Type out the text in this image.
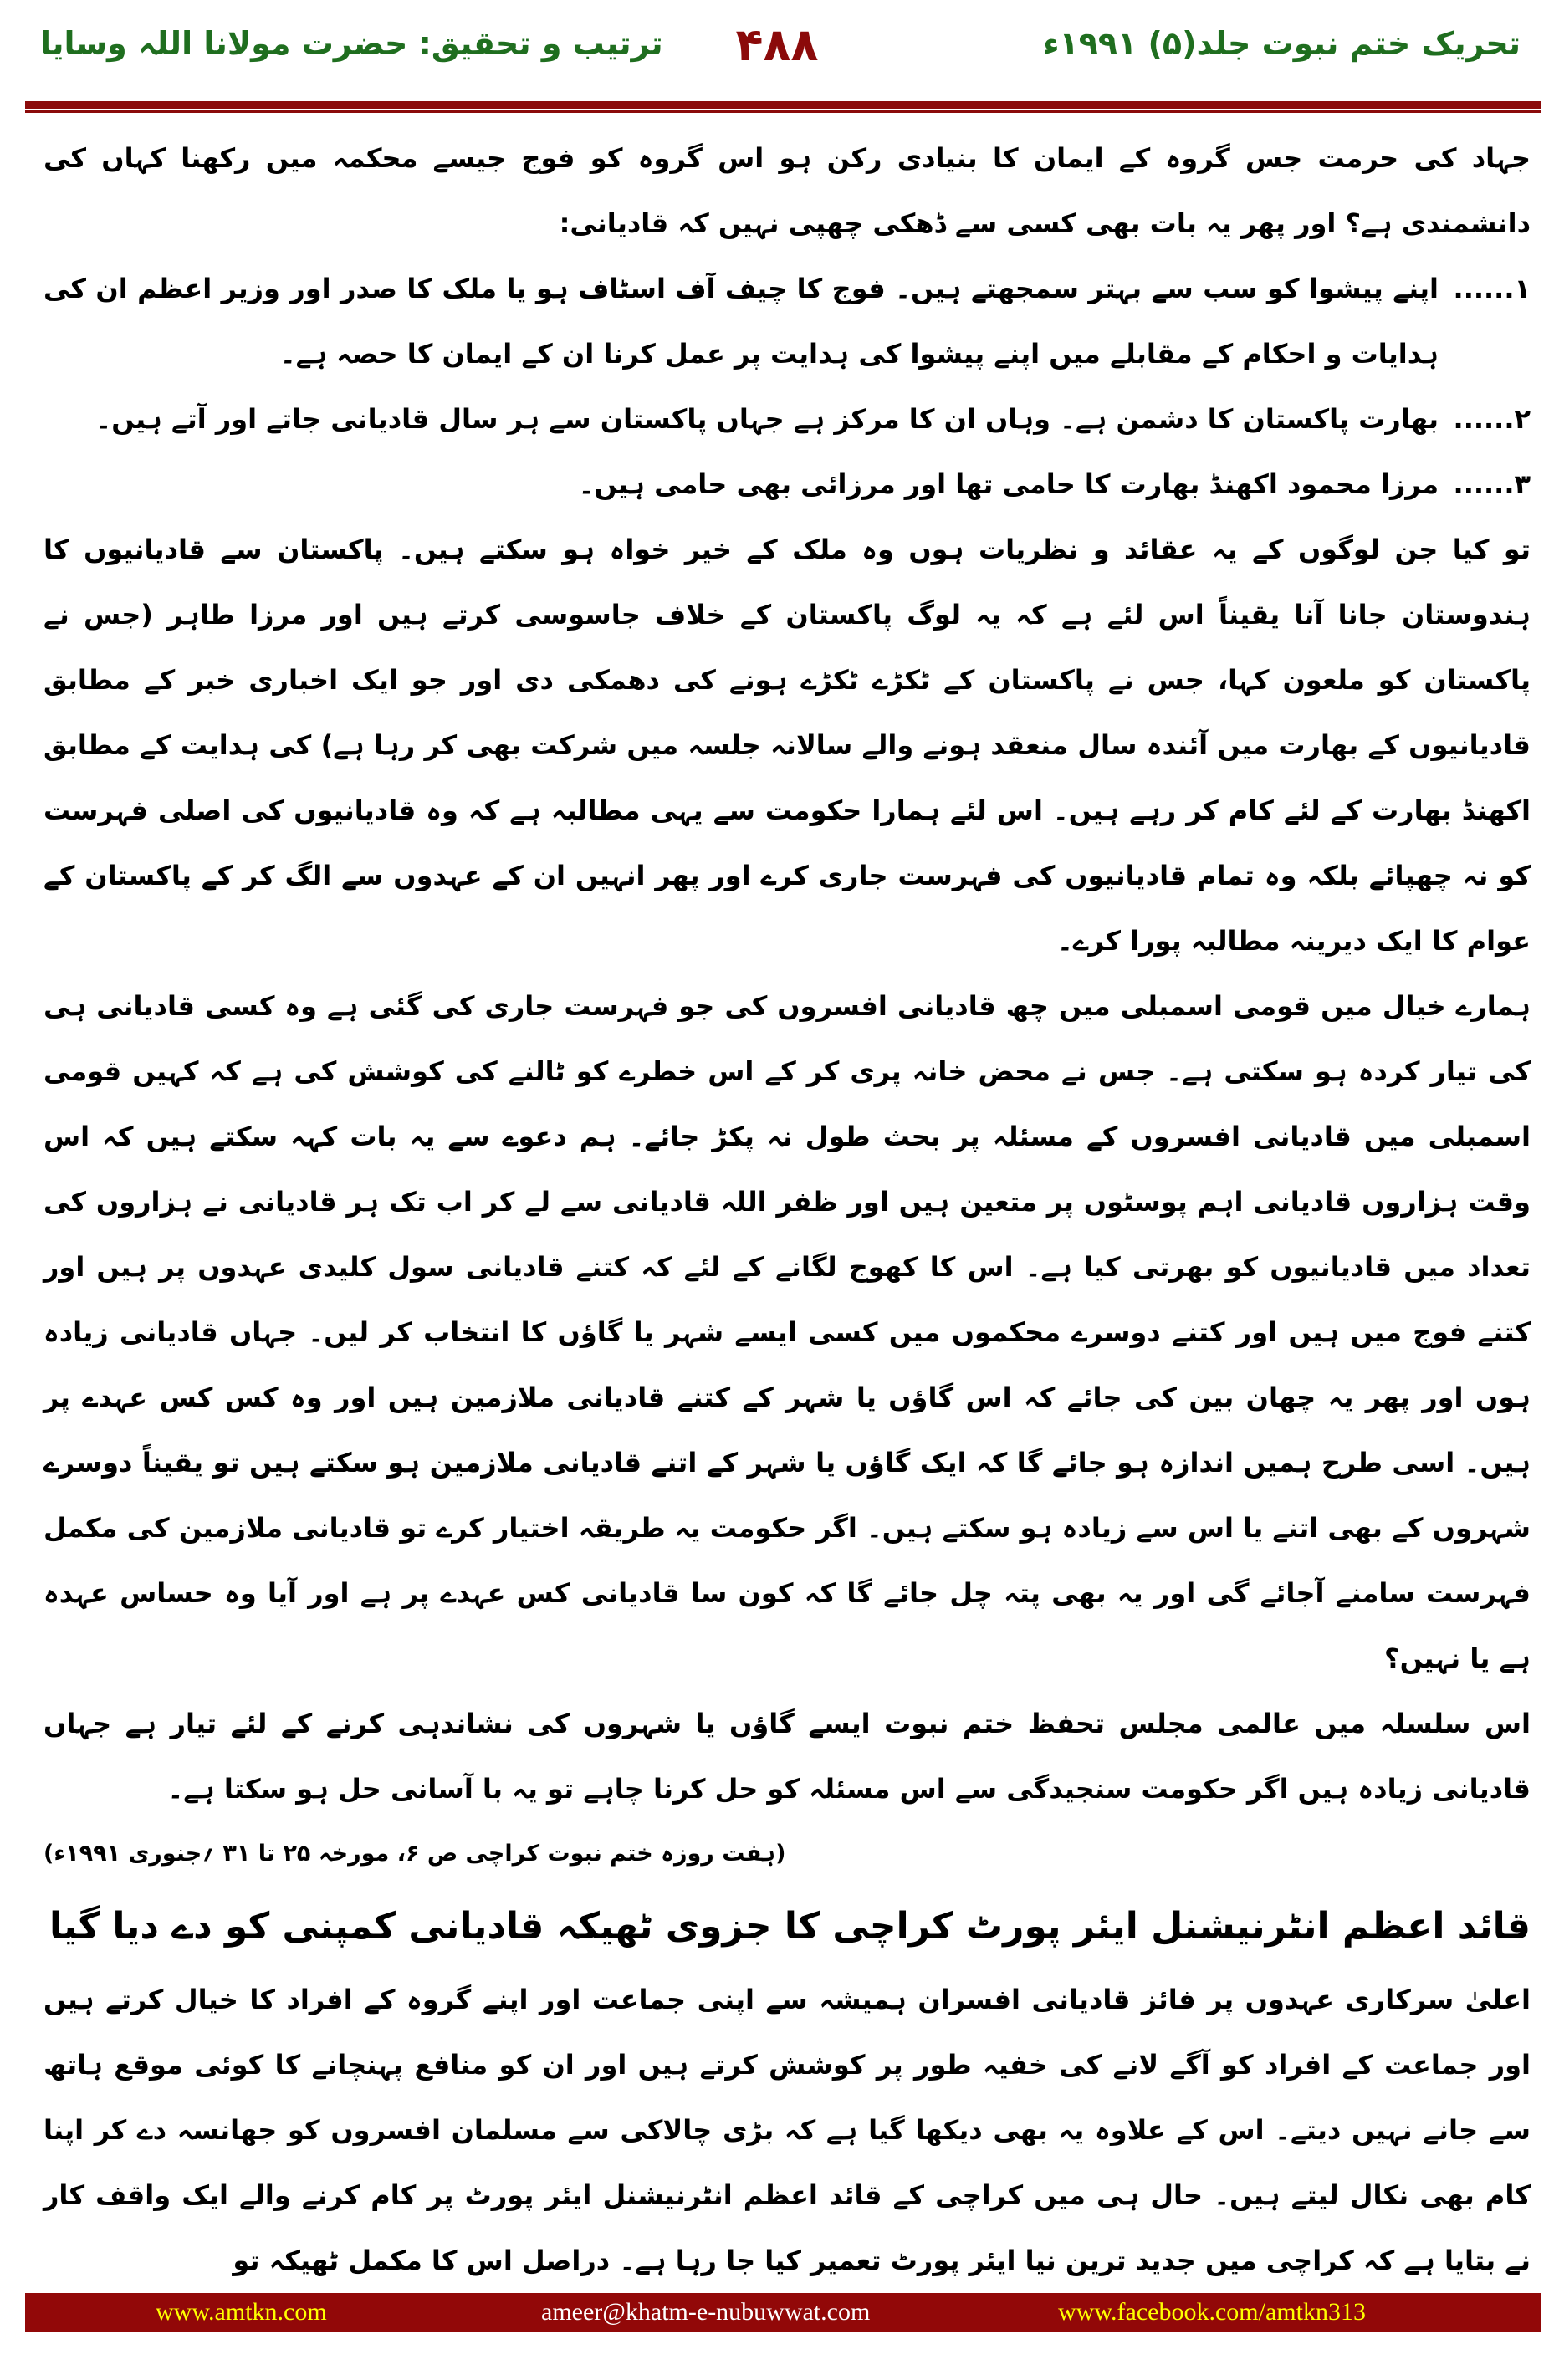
تحریک ختم نبوت جلد(۵) ۱۹۹۱ء
۴۸۸
ترتیب و تحقیق: حضرت مولانا اللہ وسایا

جہاد کی حرمت جس گروہ کے ایمان کا بنیادی رکن ہو اس گروہ کو فوج جیسے محکمہ میں رکھنا کہاں کی دانشمندی ہے؟ اور پھر یہ بات بھی کسی سے ڈھکی چھپی نہیں کہ قادیانی:

۱......
اپنے پیشوا کو سب سے بہتر سمجھتے ہیں۔ فوج کا چیف آف اسٹاف ہو یا ملک کا صدر اور وزیر اعظم ان کی ہدایات و احکام کے مقابلے میں اپنے پیشوا کی ہدایت پر عمل کرنا ان کے ایمان کا حصہ ہے۔
۲......
بھارت پاکستان کا دشمن ہے۔ وہاں ان کا مرکز ہے جہاں پاکستان سے ہر سال قادیانی جاتے اور آتے ہیں۔
۳......
مرزا محمود اکھنڈ بھارت کا حامی تھا اور مرزائی بھی حامی ہیں۔

تو کیا جن لوگوں کے یہ عقائد و نظریات ہوں وہ ملک کے خیر خواہ ہو سکتے ہیں۔ پاکستان سے قادیانیوں کا ہندوستان جانا آنا یقیناً اس لئے ہے کہ یہ لوگ پاکستان کے خلاف جاسوسی کرتے ہیں اور مرزا طاہر (جس نے پاکستان کو ملعون کہا، جس نے پاکستان کے ٹکڑے ٹکڑے ہونے کی دھمکی دی اور جو ایک اخباری خبر کے مطابق قادیانیوں کے بھارت میں آئندہ سال منعقد ہونے والے سالانہ جلسہ میں شرکت بھی کر رہا ہے) کی ہدایت کے مطابق اکھنڈ بھارت کے لئے کام کر رہے ہیں۔ اس لئے ہمارا حکومت سے یہی مطالبہ ہے کہ وہ قادیانیوں کی اصلی فہرست کو نہ چھپائے بلکہ وہ تمام قادیانیوں کی فہرست جاری کرے اور پھر انہیں ان کے عہدوں سے الگ کر کے پاکستان کے عوام کا ایک دیرینہ مطالبہ پورا کرے۔

ہمارے خیال میں قومی اسمبلی میں چھ قادیانی افسروں کی جو فہرست جاری کی گئی ہے وہ کسی قادیانی ہی کی تیار کردہ ہو سکتی ہے۔ جس نے محض خانہ پری کر کے اس خطرے کو ٹالنے کی کوشش کی ہے کہ کہیں قومی اسمبلی میں قادیانی افسروں کے مسئلہ پر بحث طول نہ پکڑ جائے۔ ہم دعوے سے یہ بات کہہ سکتے ہیں کہ اس وقت ہزاروں قادیانی اہم پوسٹوں پر متعین ہیں اور ظفر اللہ قادیانی سے لے کر اب تک ہر قادیانی نے ہزاروں کی تعداد میں قادیانیوں کو بھرتی کیا ہے۔ اس کا کھوج لگانے کے لئے کہ کتنے قادیانی سول کلیدی عہدوں پر ہیں اور کتنے فوج میں ہیں اور کتنے دوسرے محکموں میں کسی ایسے شہر یا گاؤں کا انتخاب کر لیں۔ جہاں قادیانی زیادہ ہوں اور پھر یہ چھان بین کی جائے کہ اس گاؤں یا شہر کے کتنے قادیانی ملازمین ہیں اور وہ کس کس عہدے پر ہیں۔ اسی طرح ہمیں اندازہ ہو جائے گا کہ ایک گاؤں یا شہر کے اتنے قادیانی ملازمین ہو سکتے ہیں تو یقیناً دوسرے شہروں کے بھی اتنے یا اس سے زیادہ ہو سکتے ہیں۔ اگر حکومت یہ طریقہ اختیار کرے تو قادیانی ملازمین کی مکمل فہرست سامنے آجائے گی اور یہ بھی پتہ چل جائے گا کہ کون سا قادیانی کس عہدے پر ہے اور آیا وہ حساس عہدہ ہے یا نہیں؟

اس سلسلہ میں عالمی مجلس تحفظ ختم نبوت ایسے گاؤں یا شہروں کی نشاندہی کرنے کے لئے تیار ہے جہاں قادیانی زیادہ ہیں اگر حکومت سنجیدگی سے اس مسئلہ کو حل کرنا چاہے تو یہ با آسانی حل ہو سکتا ہے۔
(ہفت روزہ ختم نبوت کراچی ص ۶، مورخہ ۲۵ تا ۳۱ ؍جنوری ۱۹۹۱ء)

قائد اعظم انٹرنیشنل ایئر پورٹ کراچی کا جزوی ٹھیکہ قادیانی کمپنی کو دے دیا گیا

اعلیٰ سرکاری عہدوں پر فائز قادیانی افسران ہمیشہ سے اپنی جماعت اور اپنے گروہ کے افراد کا خیال کرتے ہیں اور جماعت کے افراد کو آگے لانے کی خفیہ طور پر کوشش کرتے ہیں اور ان کو منافع پہنچانے کا کوئی موقع ہاتھ سے جانے نہیں دیتے۔ اس کے علاوہ یہ بھی دیکھا گیا ہے کہ بڑی چالاکی سے مسلمان افسروں کو جھانسہ دے کر اپنا کام بھی نکال لیتے ہیں۔ حال ہی میں کراچی کے قائد اعظم انٹرنیشنل ایئر پورٹ پر کام کرنے والے ایک واقف کار نے بتایا ہے کہ کراچی میں جدید ترین نیا ایئر پورٹ تعمیر کیا جا رہا ہے۔ دراصل اس کا مکمل ٹھیکہ تو

www.amtkn.com	ameer@khatm-e-nubuwwat.com	www.facebook.com/amtkn313
